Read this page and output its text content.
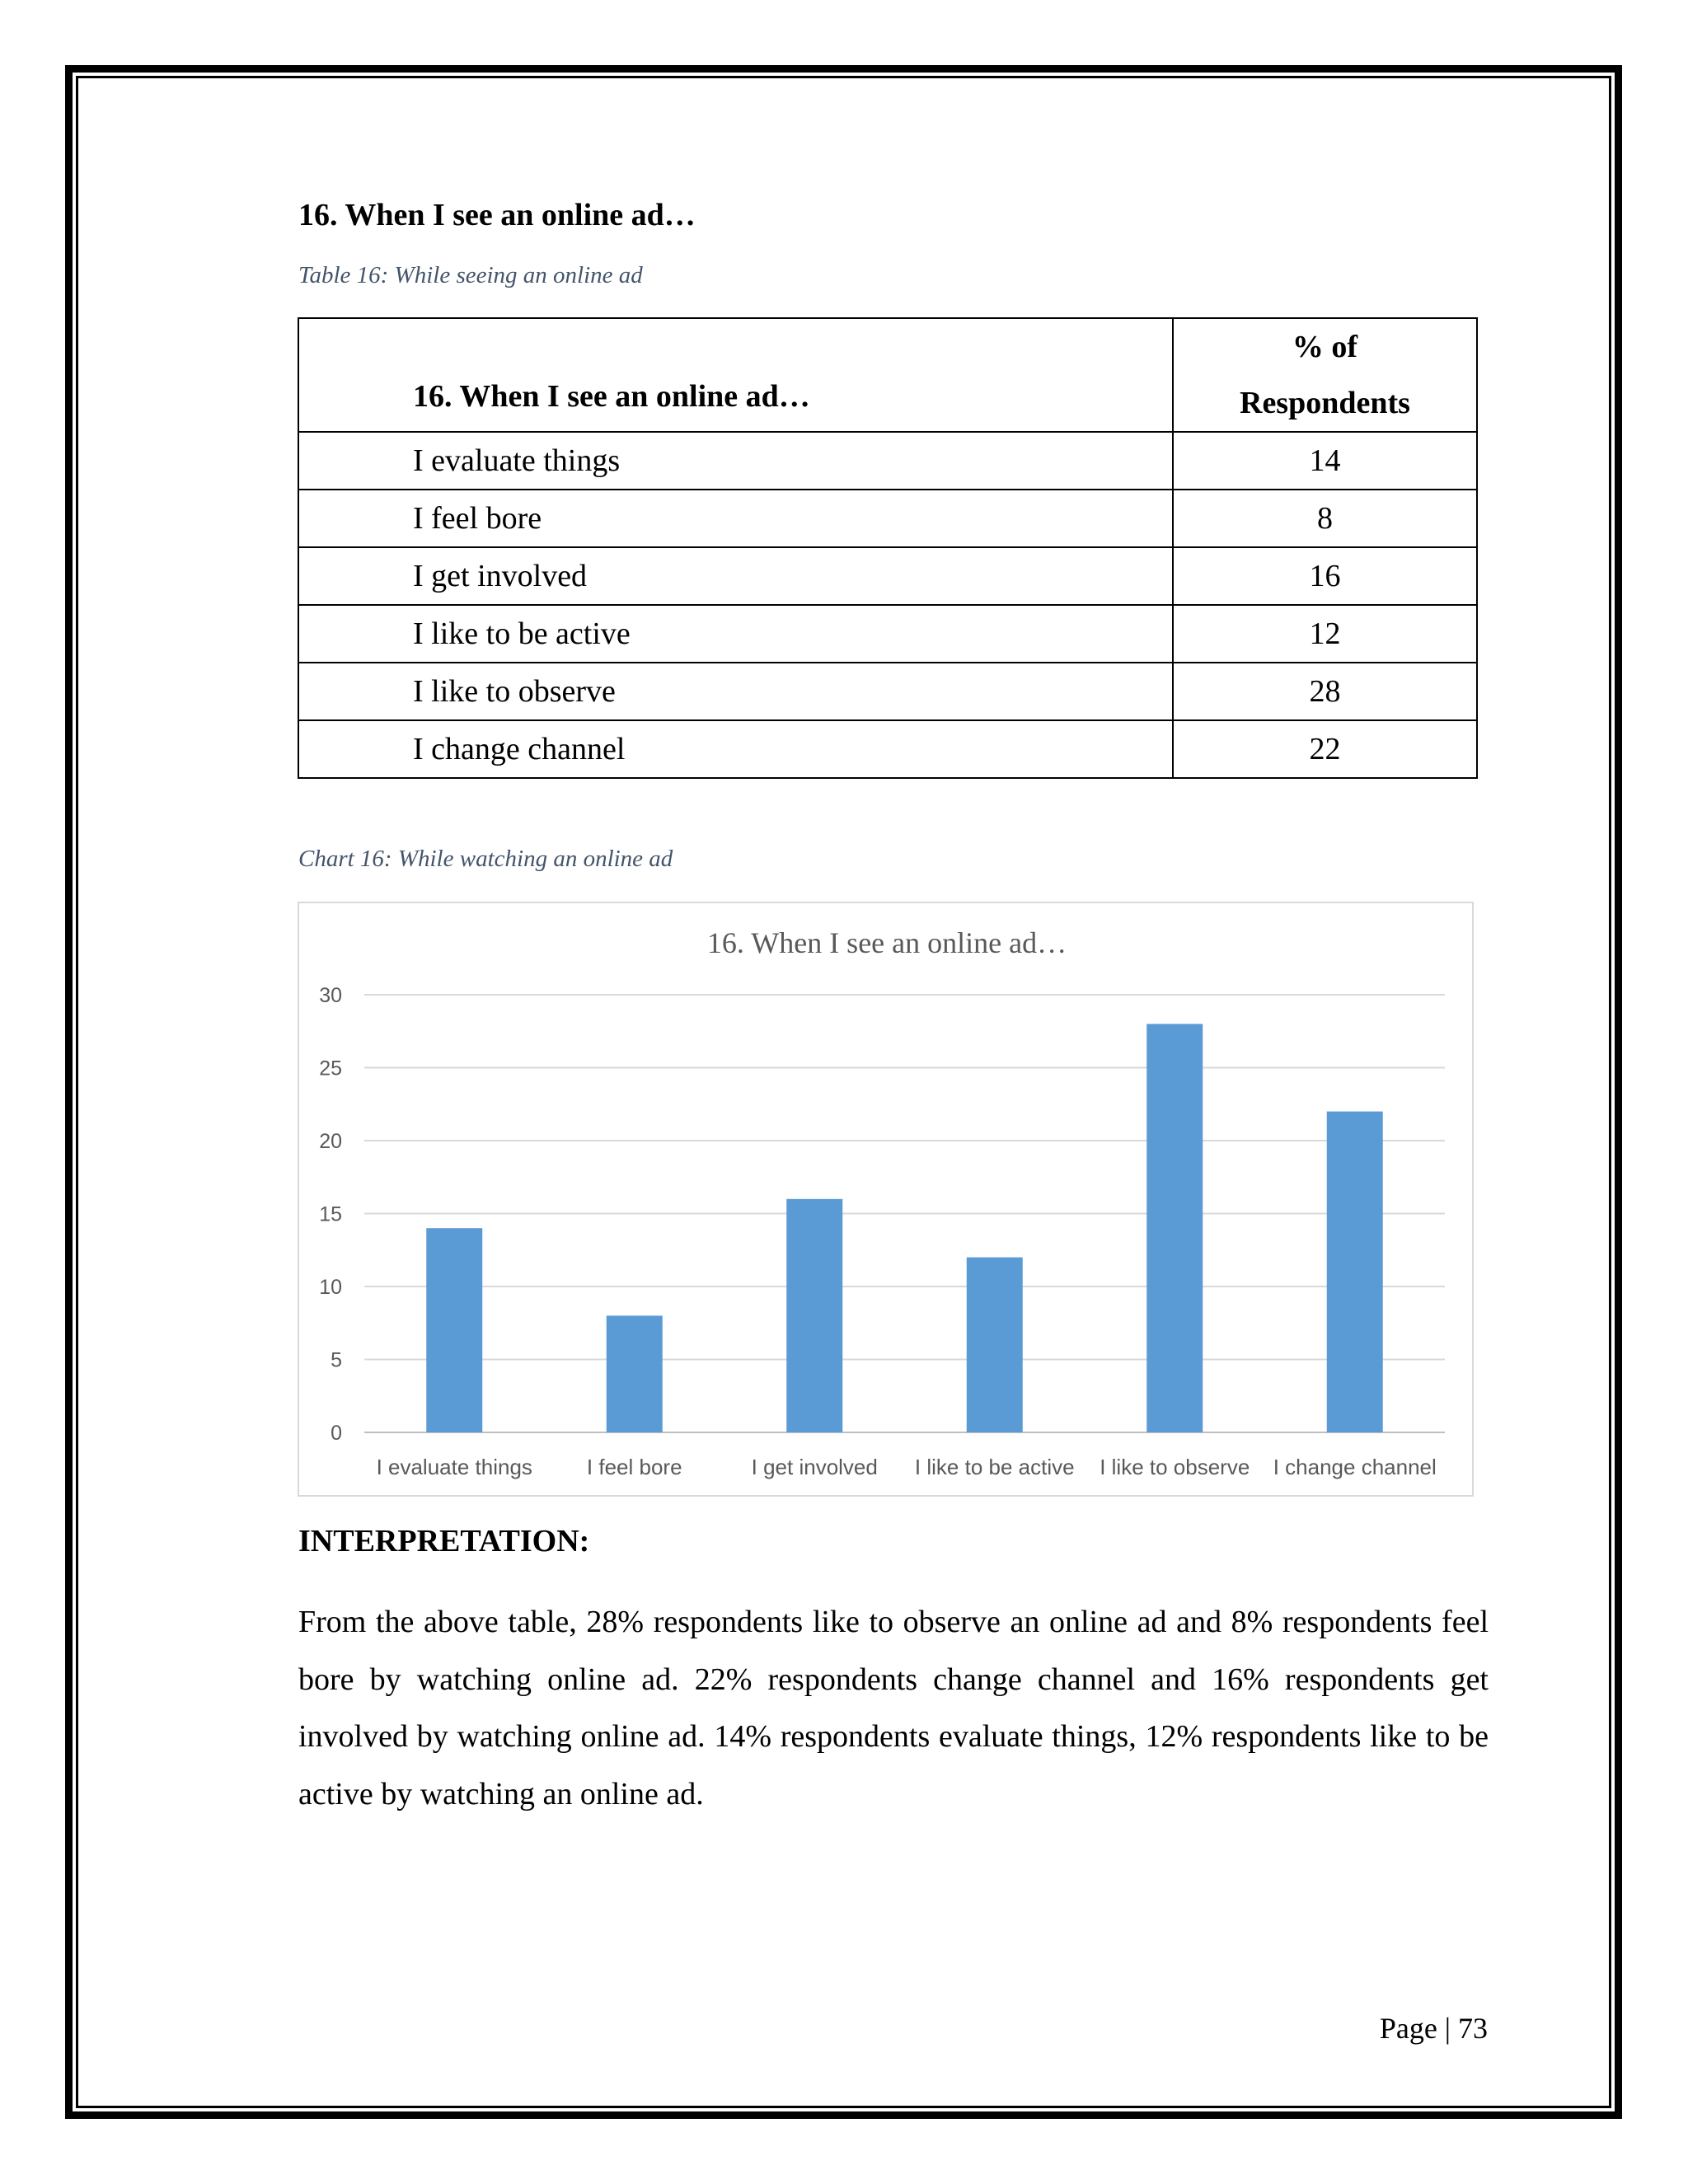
16. When I see an online ad…

Table 16: While seeing an online ad

16. When I see an online ad…	% of
Respondents
I evaluate things	14
I feel bore	8
I get involved	16
I like to be active	12
I like to observe	28
I change channel	22

Chart 16: While watching an online ad

16. When I see an online ad…
0
5
10
15
20
25
30
I evaluate things	I feel bore	I get involved I like to be active I like to observe I change channel
INTERPRETATION:

From the above table, 28% respondents like to observe an online ad and 8% respondents feel bore by watching online ad. 22% respondents change channel and 16% respondents get involved by watching online ad. 14% respondents evaluate things, 12% respondents like to be active by watching an online ad.

Page | 73
